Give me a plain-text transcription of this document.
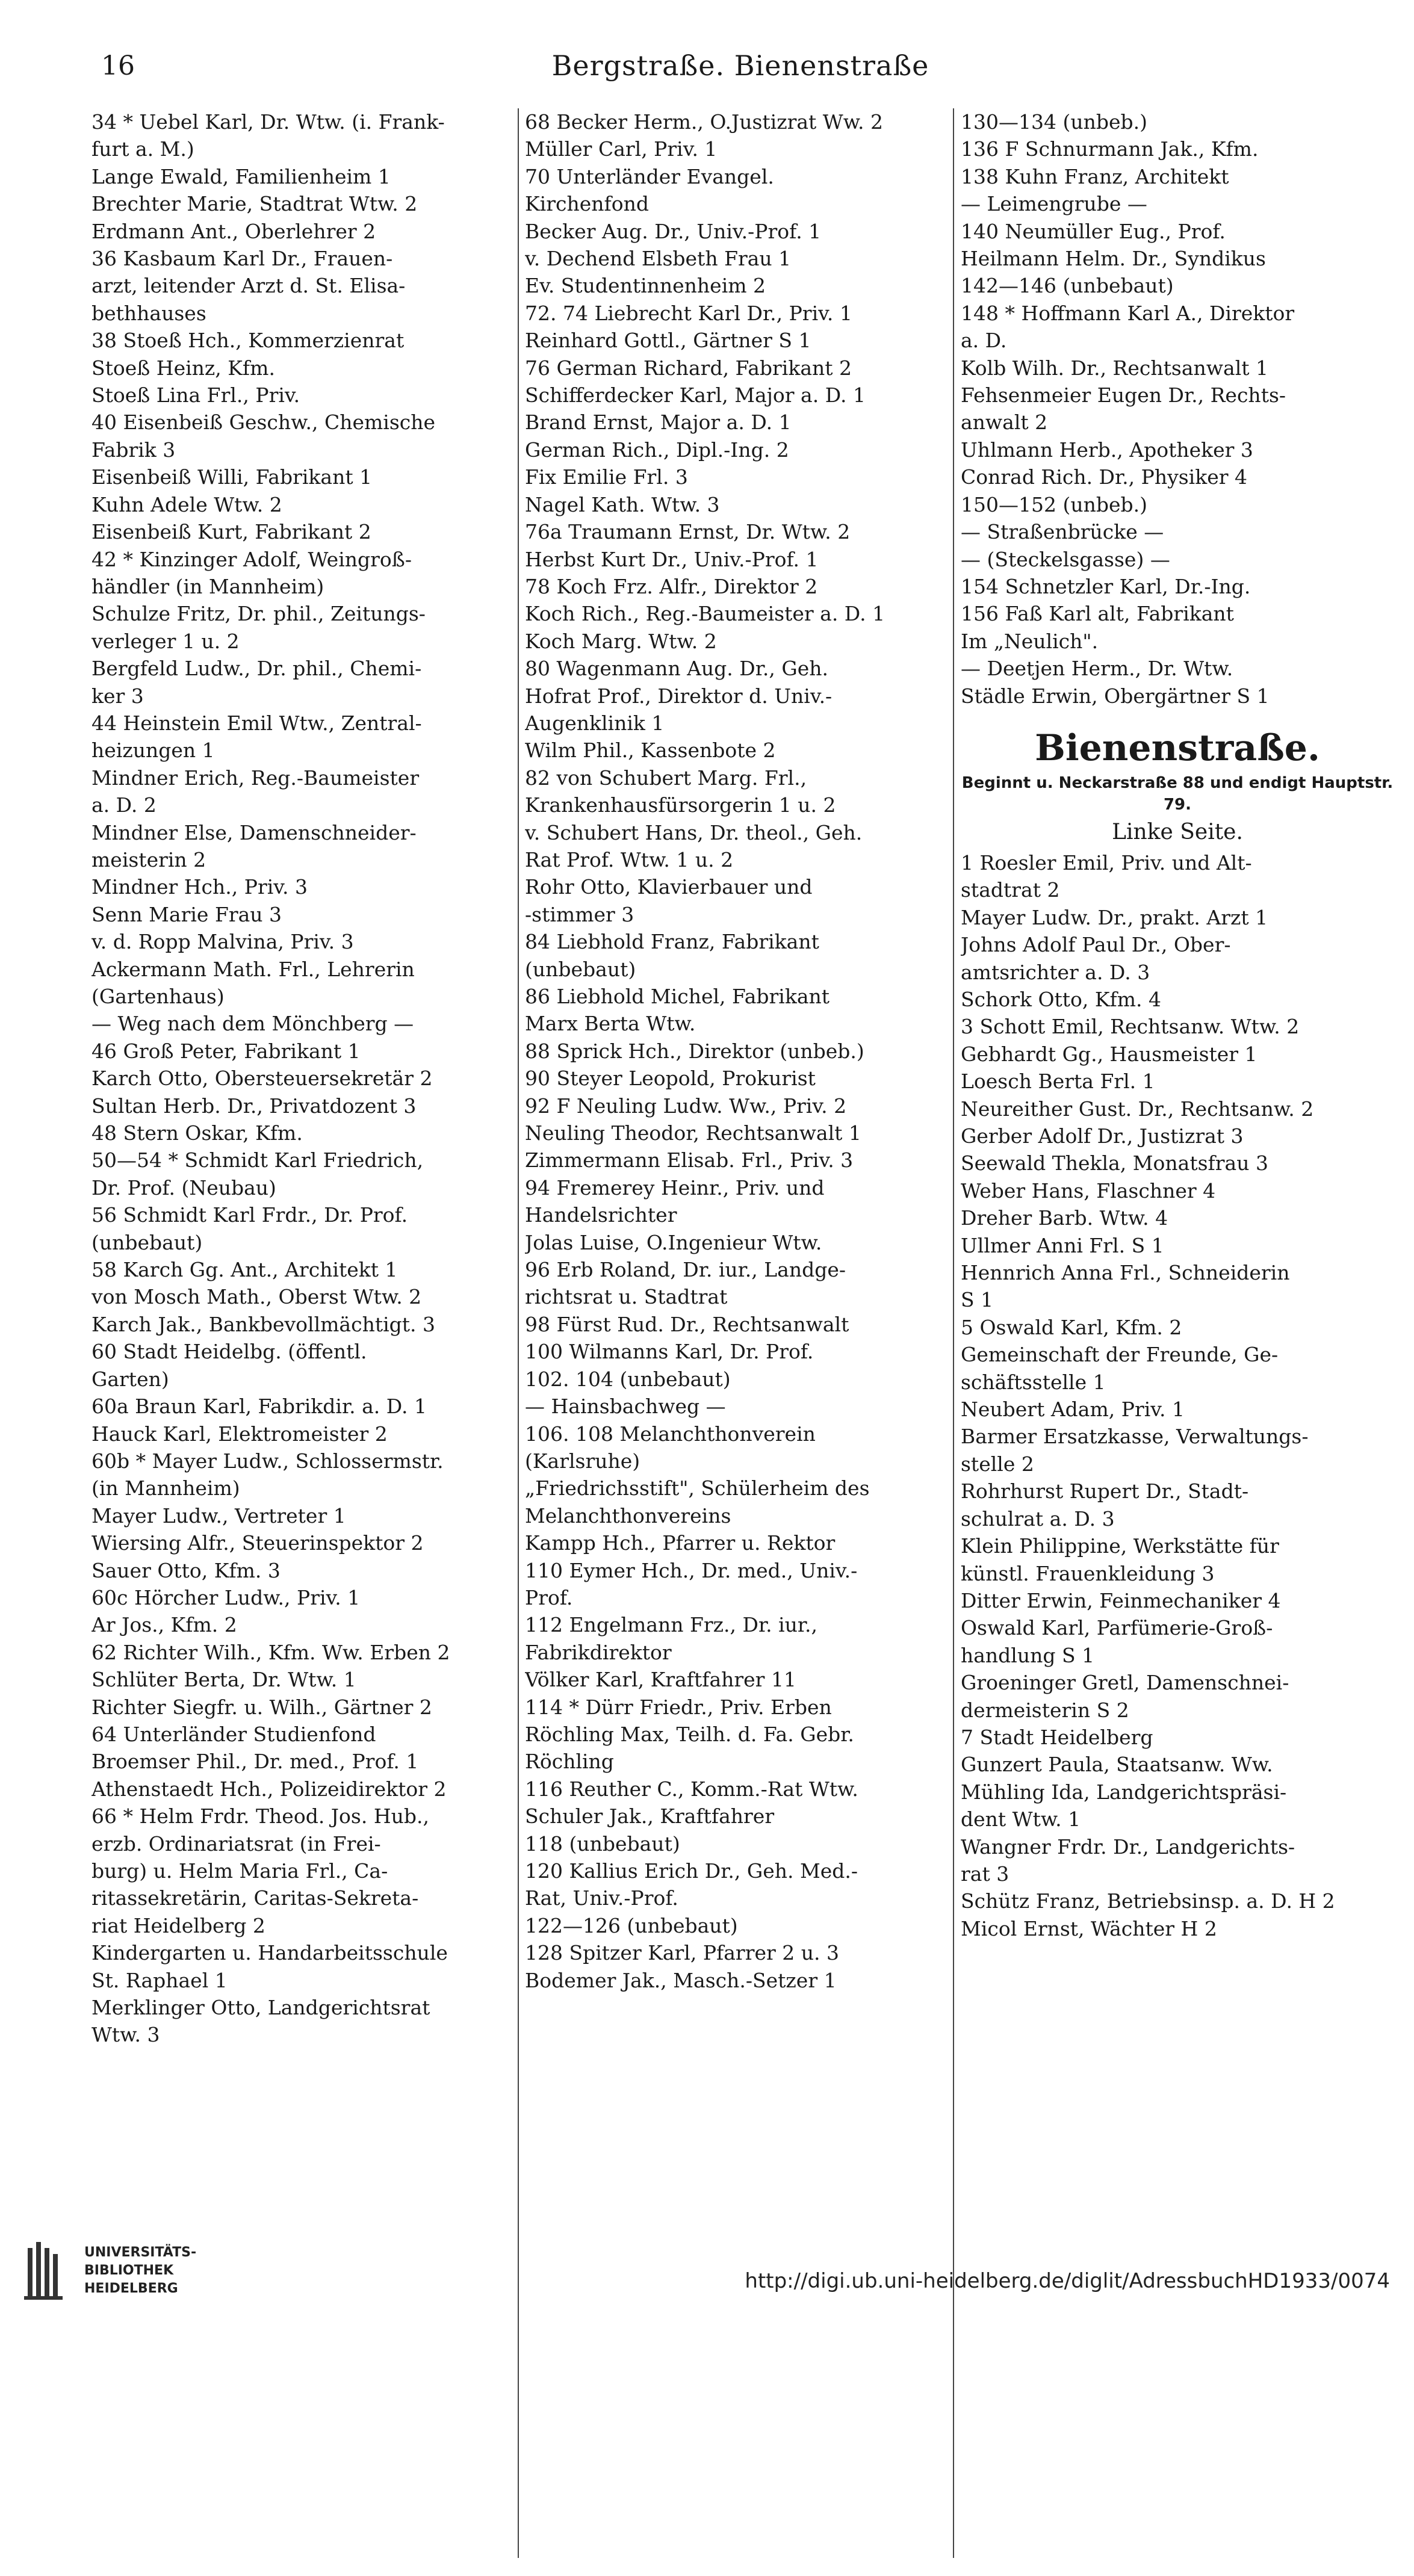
16	Bergstraße. Bienenstraße
34 * Uebel Karl, Dr. Wtw. (i. Frank-
furt a. M.)
Lange Ewald, Familienheim 1
Brechter Marie, Stadtrat Wtw. 2
Erdmann Ant., Oberlehrer 2
36 Kasbaum Karl Dr., Frauen-
arzt, leitender Arzt d. St. Elisa-
bethhauses
38 Stoeß Hch., Kommerzienrat
Stoeß Heinz, Kfm.
Stoeß Lina Frl., Priv.
40 Eisenbeiß Geschw., Chemische
Fabrik 3
Eisenbeiß Willi, Fabrikant 1
Kuhn Adele Wtw. 2
Eisenbeiß Kurt, Fabrikant 2
42 * Kinzinger Adolf, Weingroß-
händler (in Mannheim)
Schulze Fritz, Dr. phil., Zeitungs-
verleger 1 u. 2
Bergfeld Ludw., Dr. phil., Chemi-
ker 3
44 Heinstein Emil Wtw., Zentral-
heizungen 1
Mindner Erich, Reg.-Baumeister
a. D. 2
Mindner Else, Damenschneider-
meisterin 2
Mindner Hch., Priv. 3
Senn Marie Frau 3
v. d. Ropp Malvina, Priv. 3
Ackermann Math. Frl., Lehrerin
(Gartenhaus)
— Weg nach dem Mönchberg —
46 Groß Peter, Fabrikant 1
Karch Otto, Obersteuersekretär 2
Sultan Herb. Dr., Privatdozent 3
48 Stern Oskar, Kfm.
50—54 * Schmidt Karl Friedrich,
Dr. Prof. (Neubau)
56 Schmidt Karl Frdr., Dr. Prof.
(unbebaut)
58 Karch Gg. Ant., Architekt 1
von Mosch Math., Oberst Wtw. 2
Karch Jak., Bankbevollmächtigt. 3
60 Stadt Heidelbg. (öffentl.
Garten)
60a Braun Karl, Fabrikdir. a. D. 1
Hauck Karl, Elektromeister 2
60b * Mayer Ludw., Schlossermstr.
(in Mannheim)
Mayer Ludw., Vertreter 1
Wiersing Alfr., Steuerinspektor 2
Sauer Otto, Kfm. 3
60c Hörcher Ludw., Priv. 1
Ar Jos., Kfm. 2
62 Richter Wilh., Kfm. Ww. Erben 2
Schlüter Berta, Dr. Wtw. 1
Richter Siegfr. u. Wilh., Gärtner 2
64 Unterländer Studienfond
Broemser Phil., Dr. med., Prof. 1
Athenstaedt Hch., Polizeidirektor 2
66 * Helm Frdr. Theod. Jos. Hub.,
erzb. Ordinariatsrat (in Frei-
burg) u. Helm Maria Frl., Ca-
ritassekretärin, Caritas-Sekreta-
riat Heidelberg 2
Kindergarten u. Handarbeitsschule
St. Raphael 1
Merklinger Otto, Landgerichtsrat
Wtw. 3
68 Becker Herm., O.Justizrat Ww. 2
Müller Carl, Priv. 1
70 Unterländer Evangel.
Kirchenfond
Becker Aug. Dr., Univ.-Prof. 1
v. Dechend Elsbeth Frau 1
Ev. Studentinnenheim 2
72. 74 Liebrecht Karl Dr., Priv. 1
Reinhard Gottl., Gärtner S 1
76 German Richard, Fabrikant 2
Schifferdecker Karl, Major a. D. 1
Brand Ernst, Major a. D. 1
German Rich., Dipl.-Ing. 2
Fix Emilie Frl. 3
Nagel Kath. Wtw. 3
76a Traumann Ernst, Dr. Wtw. 2
Herbst Kurt Dr., Univ.-Prof. 1
78 Koch Frz. Alfr., Direktor 2
Koch Rich., Reg.-Baumeister a. D. 1
Koch Marg. Wtw. 2
80 Wagenmann Aug. Dr., Geh.
Hofrat Prof., Direktor d. Univ.-
Augenklinik 1
Wilm Phil., Kassenbote 2
82 von Schubert Marg. Frl.,
Krankenhausfürsorgerin 1 u. 2
v. Schubert Hans, Dr. theol., Geh.
Rat Prof. Wtw. 1 u. 2
Rohr Otto, Klavierbauer und
-stimmer 3
84 Liebhold Franz, Fabrikant
(unbebaut)
86 Liebhold Michel, Fabrikant
Marx Berta Wtw.
88 Sprick Hch., Direktor (unbeb.)
90 Steyer Leopold, Prokurist
92 F Neuling Ludw. Ww., Priv. 2
Neuling Theodor, Rechtsanwalt 1
Zimmermann Elisab. Frl., Priv. 3
94 Fremerey Heinr., Priv. und
Handelsrichter
Jolas Luise, O.Ingenieur Wtw.
96 Erb Roland, Dr. iur., Landge-
richtsrat u. Stadtrat
98 Fürst Rud. Dr., Rechtsanwalt
100 Wilmanns Karl, Dr. Prof.
102. 104 (unbebaut)
— Hainsbachweg —
106. 108 Melanchthonverein
(Karlsruhe)
„Friedrichsstift", Schülerheim des
Melanchthonvereins
Kampp Hch., Pfarrer u. Rektor
110 Eymer Hch., Dr. med., Univ.-
Prof.
112 Engelmann Frz., Dr. iur.,
Fabrikdirektor
Völker Karl, Kraftfahrer 11
114 * Dürr Friedr., Priv. Erben
Röchling Max, Teilh. d. Fa. Gebr.
Röchling
116 Reuther C., Komm.-Rat Wtw.
Schuler Jak., Kraftfahrer
118 (unbebaut)
120 Kallius Erich Dr., Geh. Med.-
Rat, Univ.-Prof.
122—126 (unbebaut)
128 Spitzer Karl, Pfarrer 2 u. 3
Bodemer Jak., Masch.-Setzer 1
130—134 (unbeb.)
136 F Schnurmann Jak., Kfm.
138 Kuhn Franz, Architekt
— Leimengrube —
140 Neumüller Eug., Prof.
Heilmann Helm. Dr., Syndikus
142—146 (unbebaut)
148 * Hoffmann Karl A., Direktor
a. D.
Kolb Wilh. Dr., Rechtsanwalt 1
Fehsenmeier Eugen Dr., Rechts-
anwalt 2
Uhlmann Herb., Apotheker 3
Conrad Rich. Dr., Physiker 4
150—152 (unbeb.)
— Straßenbrücke —
— (Steckelsgasse) —
154 Schnetzler Karl, Dr.-Ing.
156 Faß Karl alt, Fabrikant
Im „Neulich".
— Deetjen Herm., Dr. Wtw.
Städle Erwin, Obergärtner S 1
Bienenstraße.
Beginnt u. Neckarstraße 88 und endigt Hauptstr. 79.
Linke Seite.
1 Roesler Emil, Priv. und Alt-
stadtrat 2
Mayer Ludw. Dr., prakt. Arzt 1
Johns Adolf Paul Dr., Ober-
amtsrichter a. D. 3
Schork Otto, Kfm. 4
3 Schott Emil, Rechtsanw. Wtw. 2
Gebhardt Gg., Hausmeister 1
Loesch Berta Frl. 1
Neureither Gust. Dr., Rechtsanw. 2
Gerber Adolf Dr., Justizrat 3
Seewald Thekla, Monatsfrau 3
Weber Hans, Flaschner 4
Dreher Barb. Wtw. 4
Ullmer Anni Frl. S 1
Hennrich Anna Frl., Schneiderin
S 1
5 Oswald Karl, Kfm. 2
Gemeinschaft der Freunde, Ge-
schäftsstelle 1
Neubert Adam, Priv. 1
Barmer Ersatzkasse, Verwaltungs-
stelle 2
Rohrhurst Rupert Dr., Stadt-
schulrat a. D. 3
Klein Philippine, Werkstätte für
künstl. Frauenkleidung 3
Ditter Erwin, Feinmechaniker 4
Oswald Karl, Parfümerie-Groß-
handlung S 1
Groeninger Gretl, Damenschnei-
dermeisterin S 2
7 Stadt Heidelberg
Gunzert Paula, Staatsanw. Ww.
Mühling Ida, Landgerichtspräsi-
dent Wtw. 1
Wangner Frdr. Dr., Landgerichts-
rat 3
Schütz Franz, Betriebsinsp. a. D. H 2
Micol Ernst, Wächter H 2
UNIVERSITÄTS-
BIBLIOTHEK
HEIDELBERG	http://digi.ub.uni-heidelberg.de/diglit/AdressbuchHD1933/0074
